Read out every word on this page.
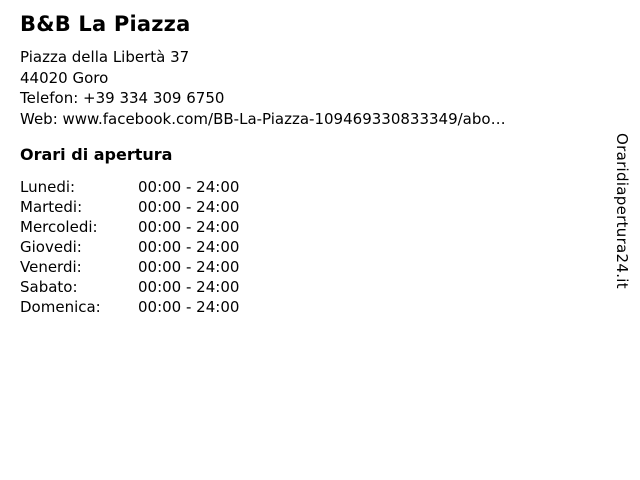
B&B La Piazza
Piazza della Libertà 37
44020 Goro
Telefon: +39 334 309 6750
Web: www.facebook.com/BB-La-Piazza-109469330833349/abo…
Orari di apertura
Lunedi:	00:00 - 24:00
Martedi:	00:00 - 24:00
Mercoledi:	00:00 - 24:00
Giovedi:	00:00 - 24:00
Venerdi:	00:00 - 24:00
Sabato:	00:00 - 24:00
Domenica:	00:00 - 24:00
Oraridiapertura24.it
